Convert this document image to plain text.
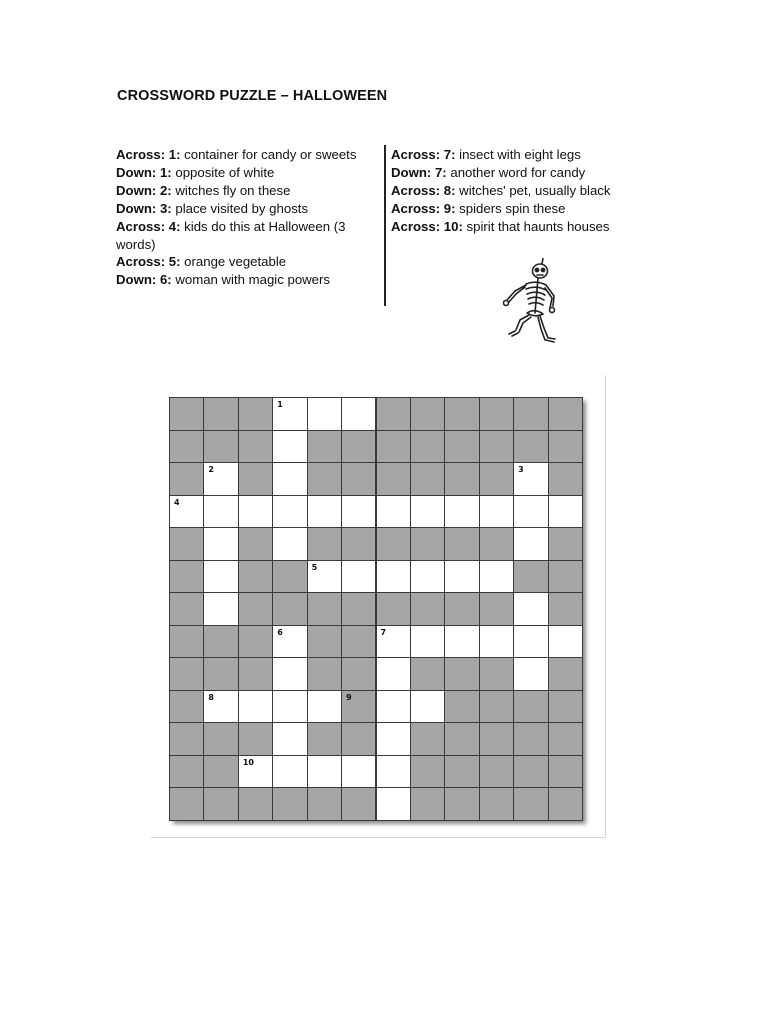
CROSSWORD PUZZLE – HALLOWEEN
Across: 1: container for candy or sweets
Down: 1: opposite of white
Down: 2: witches fly on these
Down: 3: place visited by ghosts
Across: 4: kids do this at Halloween (3 words)
Across: 5: orange vegetable
Down: 6: woman with magic powers
Across: 7: insect with eight legs
Down: 7: another word for candy
Across: 8: witches' pet, usually black
Across: 9: spiders spin these
Across: 10: spirit that haunts houses
1
2	3
4
5
6	7
8	9
10
